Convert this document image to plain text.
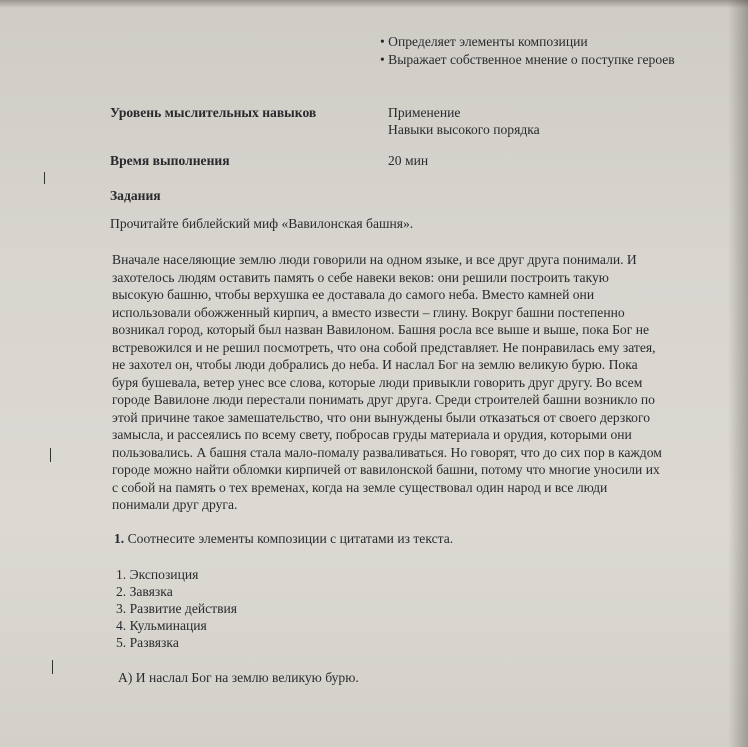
• Определяет элементы композиции
• Выражает собственное мнение о поступке героев
Уровень мыслительных навыков	Применение
Навыки высокого порядка
Время выполнения	20 мин
Задания
Прочитайте библейский миф «Вавилонская башня».
Вначале населяющие землю люди говорили на одном языке, и все друг друга понимали. И
захотелось людям оставить память о себе навеки веков: они решили построить такую
высокую башню, чтобы верхушка ее доставала до самого неба. Вместо камней они
использовали обожженный кирпич, а вместо извести – глину. Вокруг башни постепенно
возникал город, который был назван Вавилоном. Башня росла все выше и выше, пока Бог не
встревожился и не решил посмотреть, что она собой представляет. Не понравилась ему затея,
не захотел он, чтобы люди добрались до неба. И наслал Бог на землю великую бурю. Пока
буря бушевала, ветер унес все слова, которые люди привыкли говорить друг другу. Во всем
городе Вавилоне люди перестали понимать друг друга. Среди строителей башни возникло по
этой причине такое замешательство, что они вынуждены были отказаться от своего дерзкого
замысла, и рассеялись по всему свету, побросав груды материала и орудия, которыми они
пользовались. А башня стала мало-помалу разваливаться. Но говорят, что до сих пор в каждом
городе можно найти обломки кирпичей от вавилонской башни, потому что многие уносили их
с собой на память о тех временах, когда на земле существовал один народ и все люди
понимали друг друга.
1. Соотнесите элементы композиции с цитатами из текста.
1. Экспозиция
2. Завязка
3. Развитие действия
4. Кульминация
5. Развязка
А) И наслал Бог на землю великую бурю.
